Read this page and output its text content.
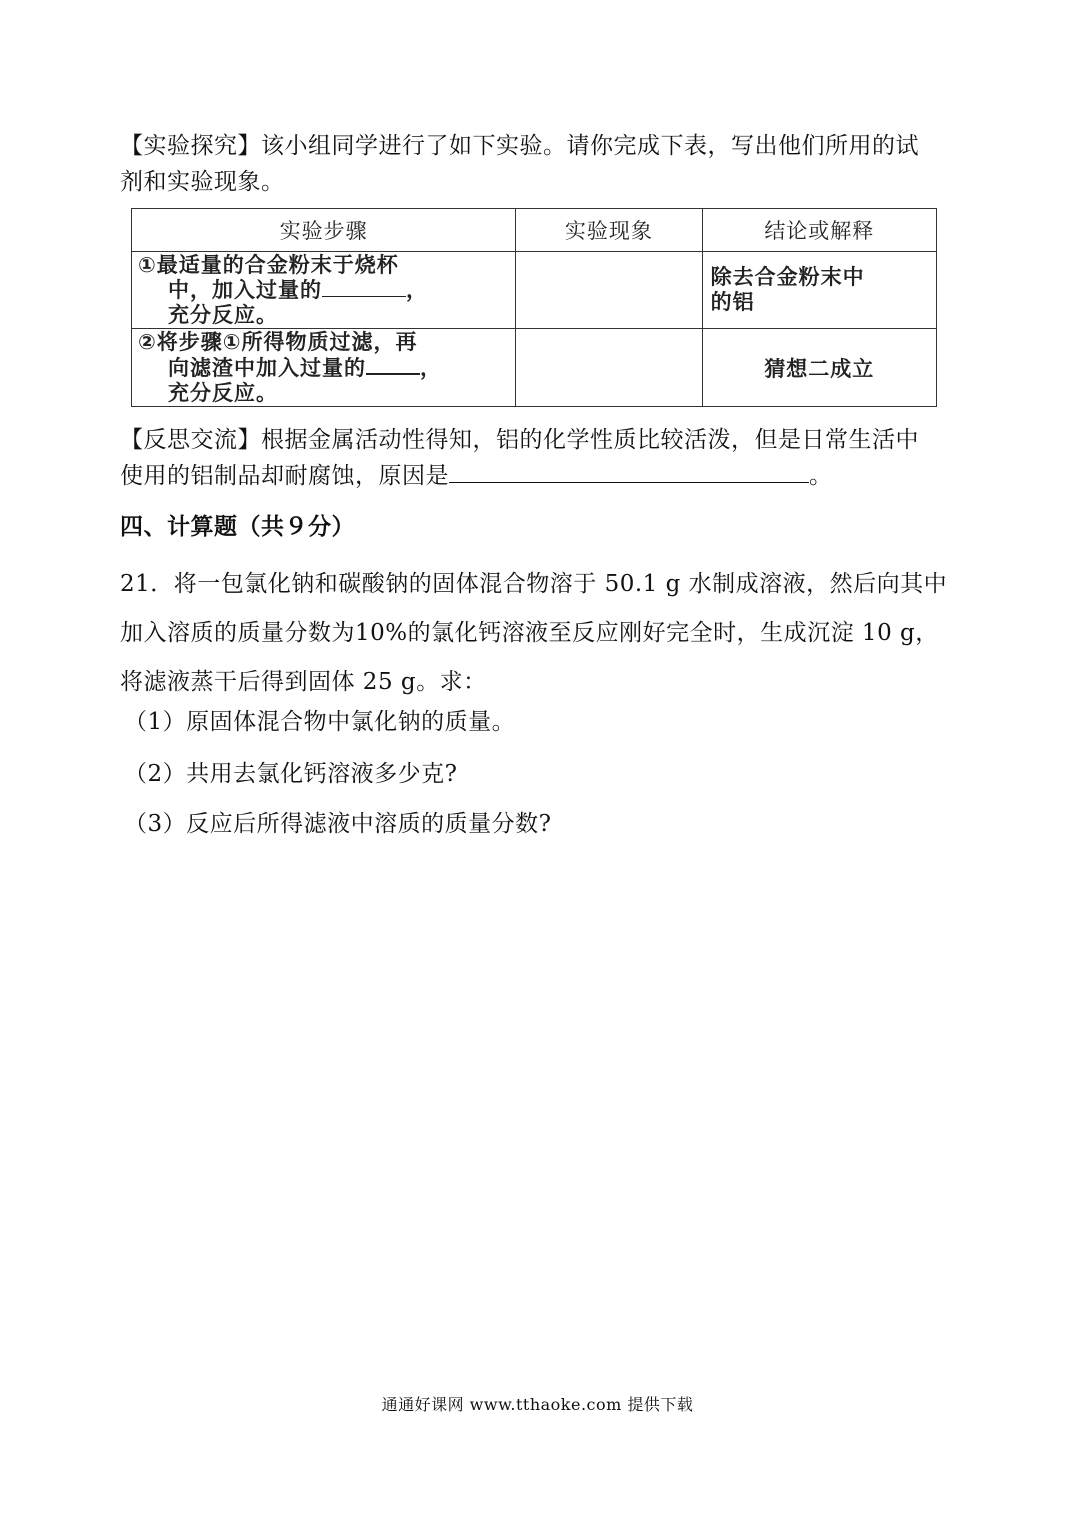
【实验探究】该小组同学进行了如下实验。请你完成下表，写出他们所用的试
剂和实验现象。
实验步骤	实验现象	结论或解释

①最适量的合金粉末于烧杯
中，加入过量的 ，
充分反应。		除去合金粉末中
的铝

②将步骤①所得物质过滤，再
向滤渣中加入过量的 ，
充分反应。		猜想二成立
【反思交流】根据金属活动性得知，铝的化学性质比较活泼，但是日常生活中
使用的铝制品却耐腐蚀，原因是	。
四、计算题（共９分）
21．将一包氯化钠和碳酸钠的固体混合物溶于 50.1 g 水制成溶液，然后向其中加入溶质的质量分数为10%的氯化钙溶液至反应刚好完全时，生成沉淀 10 g，将滤液蒸干后得到固体 25 g。求：
（1）原固体混合物中氯化钠的质量。
（2）共用去氯化钙溶液多少克?
（3）反应后所得滤液中溶质的质量分数?
通通好课网 www.tthaoke.com 提供下载
